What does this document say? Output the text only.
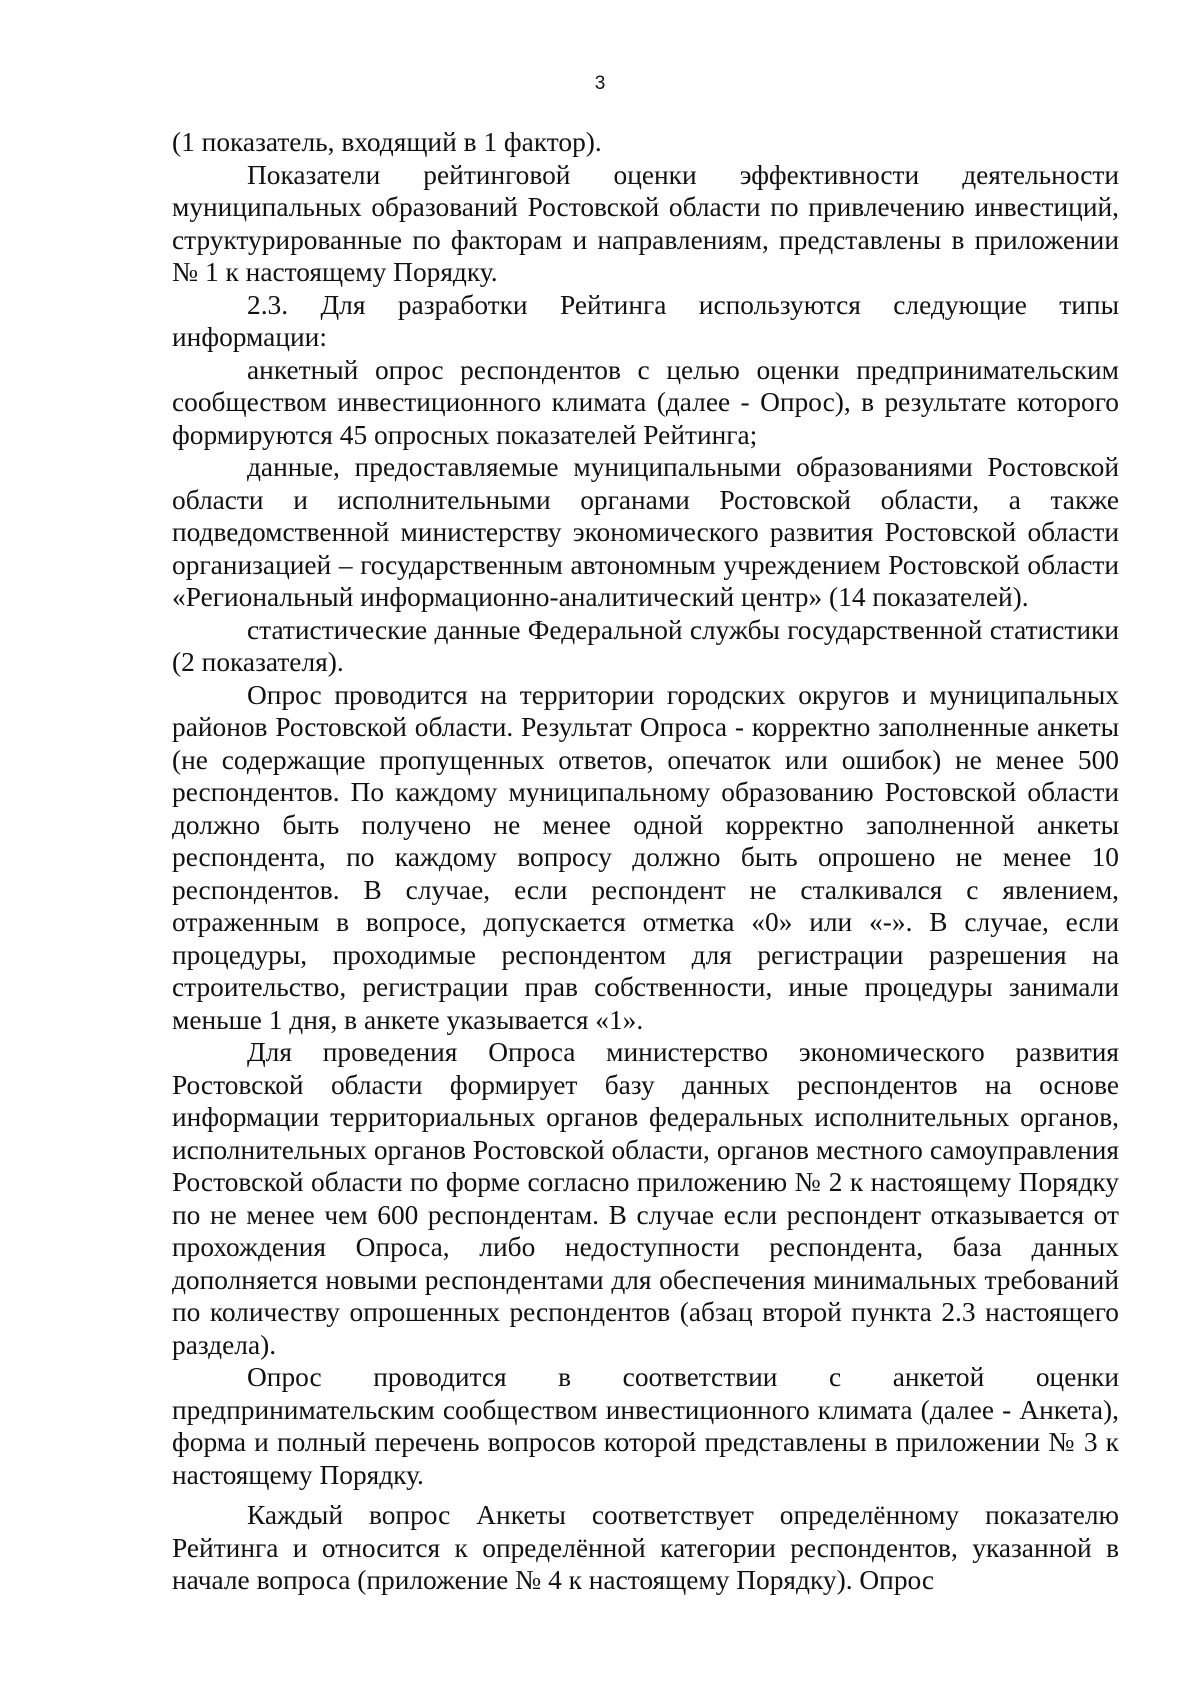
3

(1 показатель, входящий в 1 фактор).

Показатели рейтинговой оценки эффективности деятельности муниципальных образований Ростовской области по привлечению инвестиций, структурированные по факторам и направлениям, представлены в приложении № 1 к настоящему Порядку.

2.3. Для разработки Рейтинга используются следующие типы информации:

анкетный опрос респондентов с целью оценки предпринимательским сообществом инвестиционного климата (далее - Опрос), в результате которого формируются 45 опросных показателей Рейтинга;

данные, предоставляемые муниципальными образованиями Ростовской области и исполнительными органами Ростовской области, а также подведомственной министерству экономического развития Ростовской области организацией – государственным автономным учреждением Ростовской области «Региональный информационно-аналитический центр» (14 показателей).

статистические данные Федеральной службы государственной статистики (2 показателя).

Опрос проводится на территории городских округов и муниципальных районов Ростовской области. Результат Опроса - корректно заполненные анкеты (не содержащие пропущенных ответов, опечаток или ошибок) не менее 500 респондентов. По каждому муниципальному образованию Ростовской области должно быть получено не менее одной корректно заполненной анкеты респондента, по каждому вопросу должно быть опрошено не менее 10 респондентов. В случае, если респондент не сталкивался с явлением, отраженным в вопросе, допускается отметка «0» или «-». В случае, если процедуры, проходимые респондентом для регистрации разрешения на строительство, регистрации прав собственности, иные процедуры занимали меньше 1 дня, в анкете указывается «1».

Для проведения Опроса министерство экономического развития Ростовской области формирует базу данных респондентов на основе информации территориальных органов федеральных исполнительных органов, исполнительных органов Ростовской области, органов местного самоуправления Ростовской области по форме согласно приложению № 2 к настоящему Порядку по не менее чем 600 респондентам. В случае если респондент отказывается от прохождения Опроса, либо недоступности респондента, база данных дополняется новыми респондентами для обеспечения минимальных требований по количеству опрошенных респондентов (абзац второй пункта 2.3 настоящего раздела).

Опрос проводится в соответствии с анкетой оценки предпринимательским сообществом инвестиционного климата (далее - Анкета), форма и полный перечень вопросов которой представлены в приложении № 3 к настоящему Порядку.

Каждый вопрос Анкеты соответствует определённому показателю Рейтинга и относится к определённой категории респондентов, указанной в начале вопроса (приложение № 4 к настоящему Порядку). Опрос
